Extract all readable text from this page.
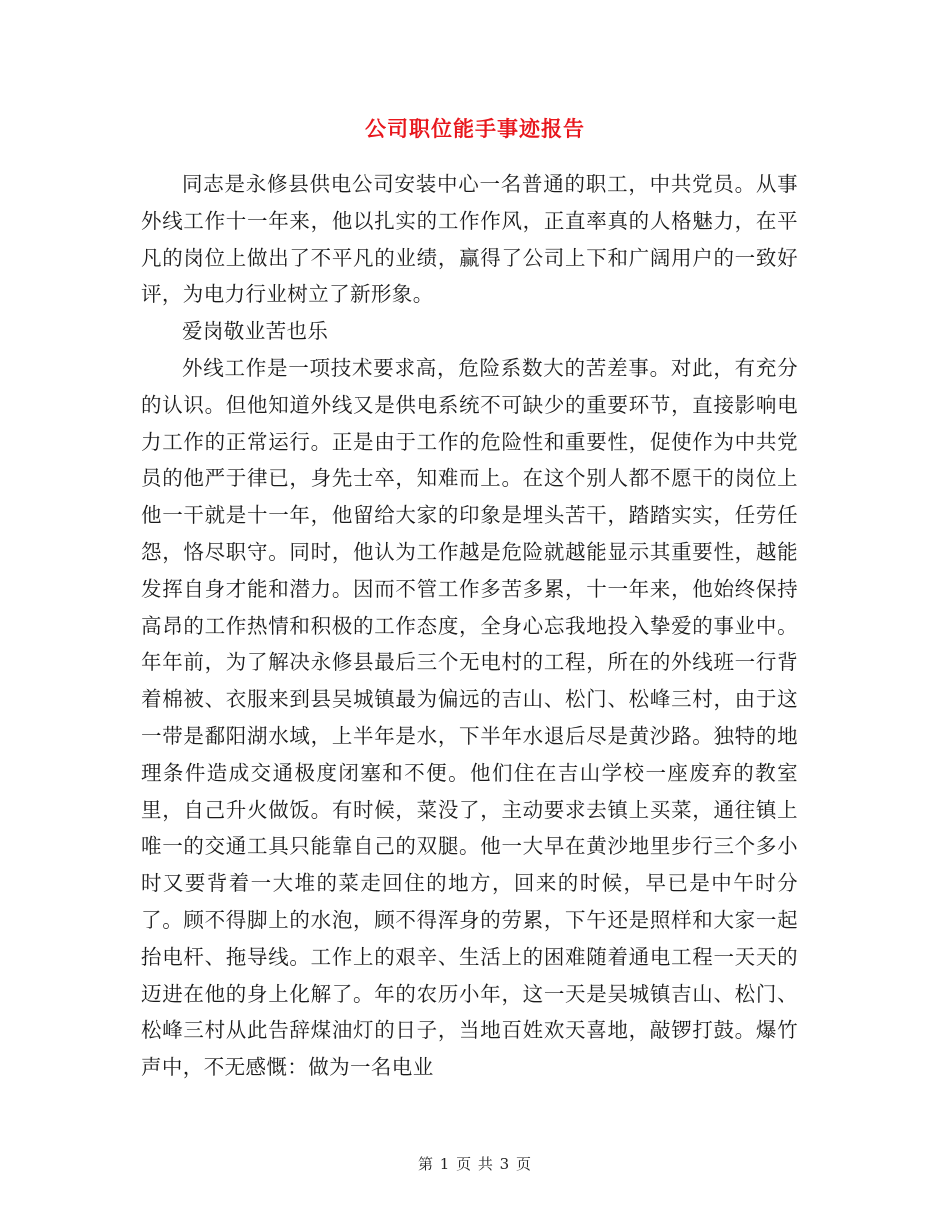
公司职位能手事迹报告

同志是永修县供电公司安装中心一名普通的职工，中共党员。从事外线工作十一年来，他以扎实的工作作风，正直率真的人格魅力，在平凡的岗位上做出了不平凡的业绩，赢得了公司上下和广阔用户的一致好评，为电力行业树立了新形象。

爱岗敬业苦也乐

外线工作是一项技术要求高，危险系数大的苦差事。对此，有充分的认识。但他知道外线又是供电系统不可缺少的重要环节，直接影响电力工作的正常运行。正是由于工作的危险性和重要性，促使作为中共党员的他严于律已，身先士卒，知难而上。在这个别人都不愿干的岗位上他一干就是十一年，他留给大家的印象是埋头苦干，踏踏实实，任劳任怨，恪尽职守。同时，他认为工作越是危险就越能显示其重要性，越能发挥自身才能和潜力。因而不管工作多苦多累，十一年来，他始终保持高昂的工作热情和积极的工作态度，全身心忘我地投入挚爱的事业中。年年前，为了解决永修县最后三个无电村的工程，所在的外线班一行背着棉被、衣服来到县吴城镇最为偏远的吉山、松门、松峰三村，由于这一带是鄱阳湖水域，上半年是水，下半年水退后尽是黄沙路。独特的地理条件造成交通极度闭塞和不便。他们住在吉山学校一座废弃的教室里，自己升火做饭。有时候，菜没了，主动要求去镇上买菜，通往镇上唯一的交通工具只能靠自己的双腿。他一大早在黄沙地里步行三个多小时又要背着一大堆的菜走回住的地方，回来的时候，早已是中午时分了。顾不得脚上的水泡，顾不得浑身的劳累，下午还是照样和大家一起抬电杆、拖导线。工作上的艰辛、生活上的困难随着通电工程一天天的迈进在他的身上化解了。年的农历小年，这一天是吴城镇吉山、松门、松峰三村从此告辞煤油灯的日子，当地百姓欢天喜地，敲锣打鼓。爆竹声中，不无感慨：做为一名电业

第 1 页 共 3 页
